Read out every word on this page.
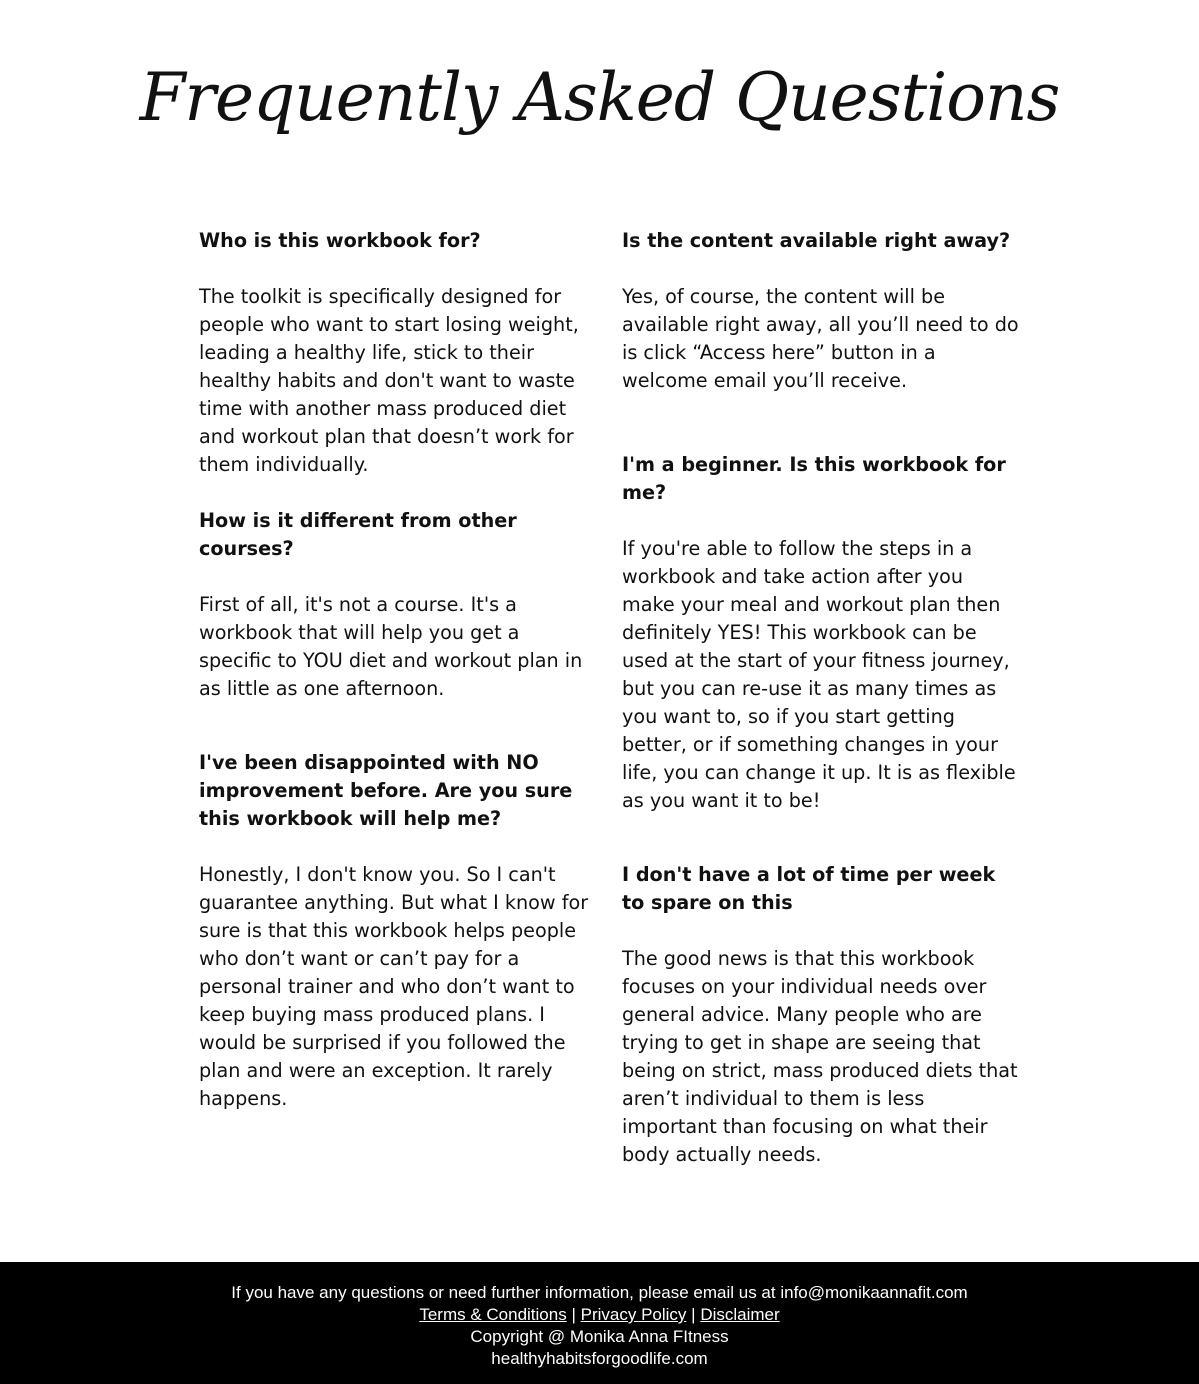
Frequently Asked Questions

Who is this workbook for?

The toolkit is specifically designed for people who want to start losing weight, leading a healthy life, stick to their healthy habits and don't want to waste time with another mass produced diet and workout plan that doesn’t work for them individually.

How is it different from other courses?

First of all, it's not a course. It's a workbook that will help you get a specific to YOU diet and workout plan in as little as one afternoon.

I've been disappointed with NO improvement before. Are you sure this workbook will help me?

Honestly, I don't know you. So I can't guarantee anything. But what I know for sure is that this workbook helps people who don’t want or can’t pay for a personal trainer and who don’t want to keep buying mass produced plans. I would be surprised if you followed the plan and were an exception. It rarely happens.

Is the content available right away?

Yes, of course, the content will be available right away, all you’ll need to do is click “Access here” button in a welcome email you’ll receive.

I'm a beginner. Is this workbook for me?

If you're able to follow the steps in a workbook and take action after you make your meal and workout plan then definitely YES! This workbook can be used at the start of your fitness journey, but you can re-use it as many times as you want to, so if you start getting better, or if something changes in your life, you can change it up. It is as flexible as you want it to be!

I don't have a lot of time per week to spare on this

The good news is that this workbook focuses on your individual needs over general advice. Many people who are trying to get in shape are seeing that being on strict, mass produced diets that aren’t individual to them is less important than focusing on what their body actually needs.

If you have any questions or need further information, please email us at info@monikaannafit.com
Terms & Conditions | Privacy Policy | Disclaimer
Copyright @ Monika Anna FItness
healthyhabitsforgoodlife.com
